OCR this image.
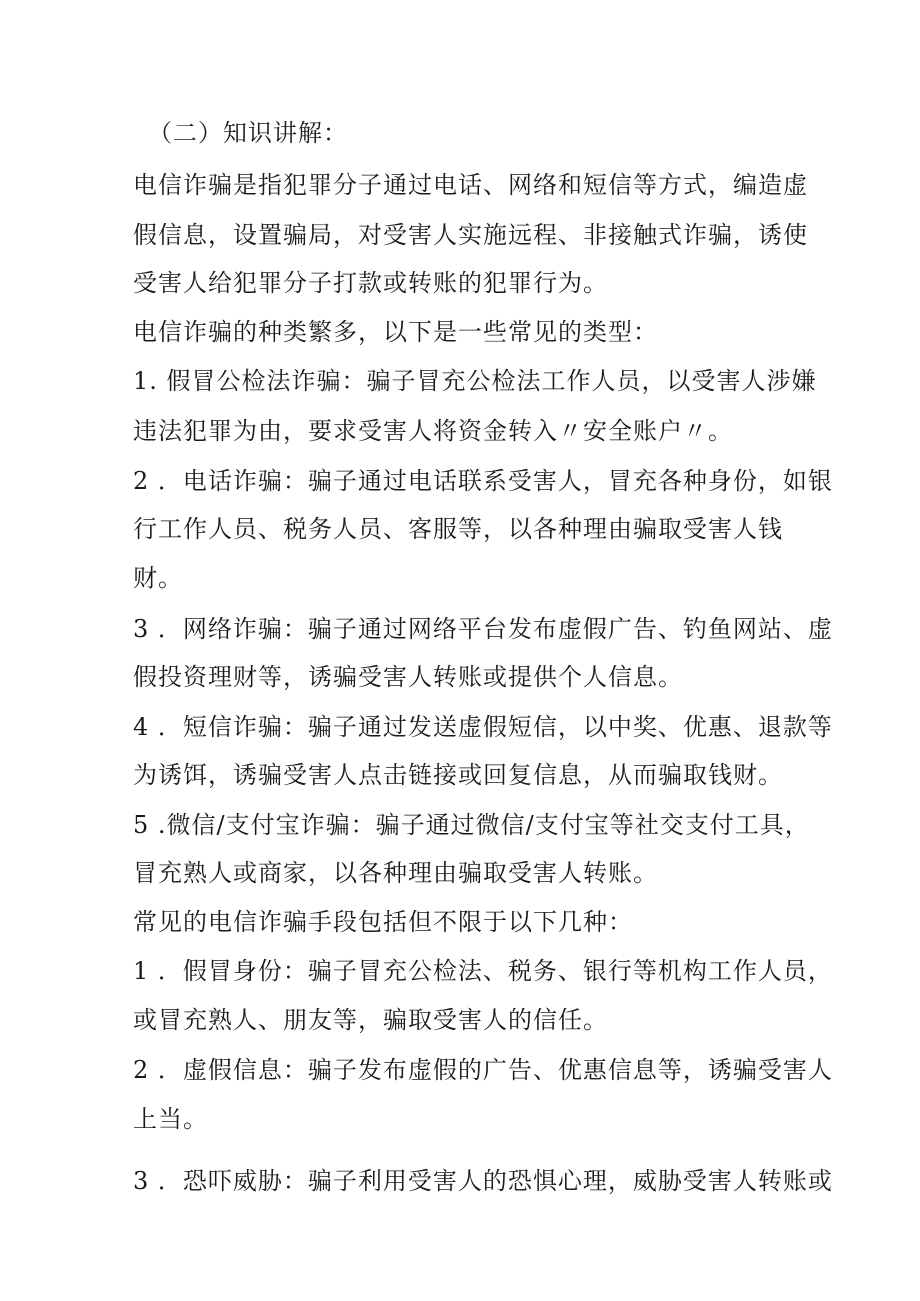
（二）知识讲解：
电信诈骗是指犯罪分子通过电话、网络和短信等方式，编造虚
假信息，设置骗局，对受害人实施远程、非接触式诈骗，诱使
受害人给犯罪分子打款或转账的犯罪行为。
电信诈骗的种类繁多，以下是一些常见的类型：
1. 假冒公检法诈骗：骗子冒充公检法工作人员，以受害人涉嫌
违法犯罪为由，要求受害人将资金转入〃安全账户〃。
2 ．电话诈骗：骗子通过电话联系受害人，冒充各种身份，如银
行工作人员、税务人员、客服等，以各种理由骗取受害人钱
财。
3 ．网络诈骗：骗子通过网络平台发布虚假广告、钓鱼网站、虚
假投资理财等，诱骗受害人转账或提供个人信息。
4 ．短信诈骗：骗子通过发送虚假短信，以中奖、优惠、退款等
为诱饵，诱骗受害人点击链接或回复信息，从而骗取钱财。
5 .微信/支付宝诈骗：骗子通过微信/支付宝等社交支付工具，
冒充熟人或商家，以各种理由骗取受害人转账。
常见的电信诈骗手段包括但不限于以下几种：
1 ．假冒身份：骗子冒充公检法、税务、银行等机构工作人员，
或冒充熟人、朋友等，骗取受害人的信任。
2 ．虚假信息：骗子发布虚假的广告、优惠信息等，诱骗受害人
上当。
3 ．恐吓威胁：骗子利用受害人的恐惧心理，威胁受害人转账或
